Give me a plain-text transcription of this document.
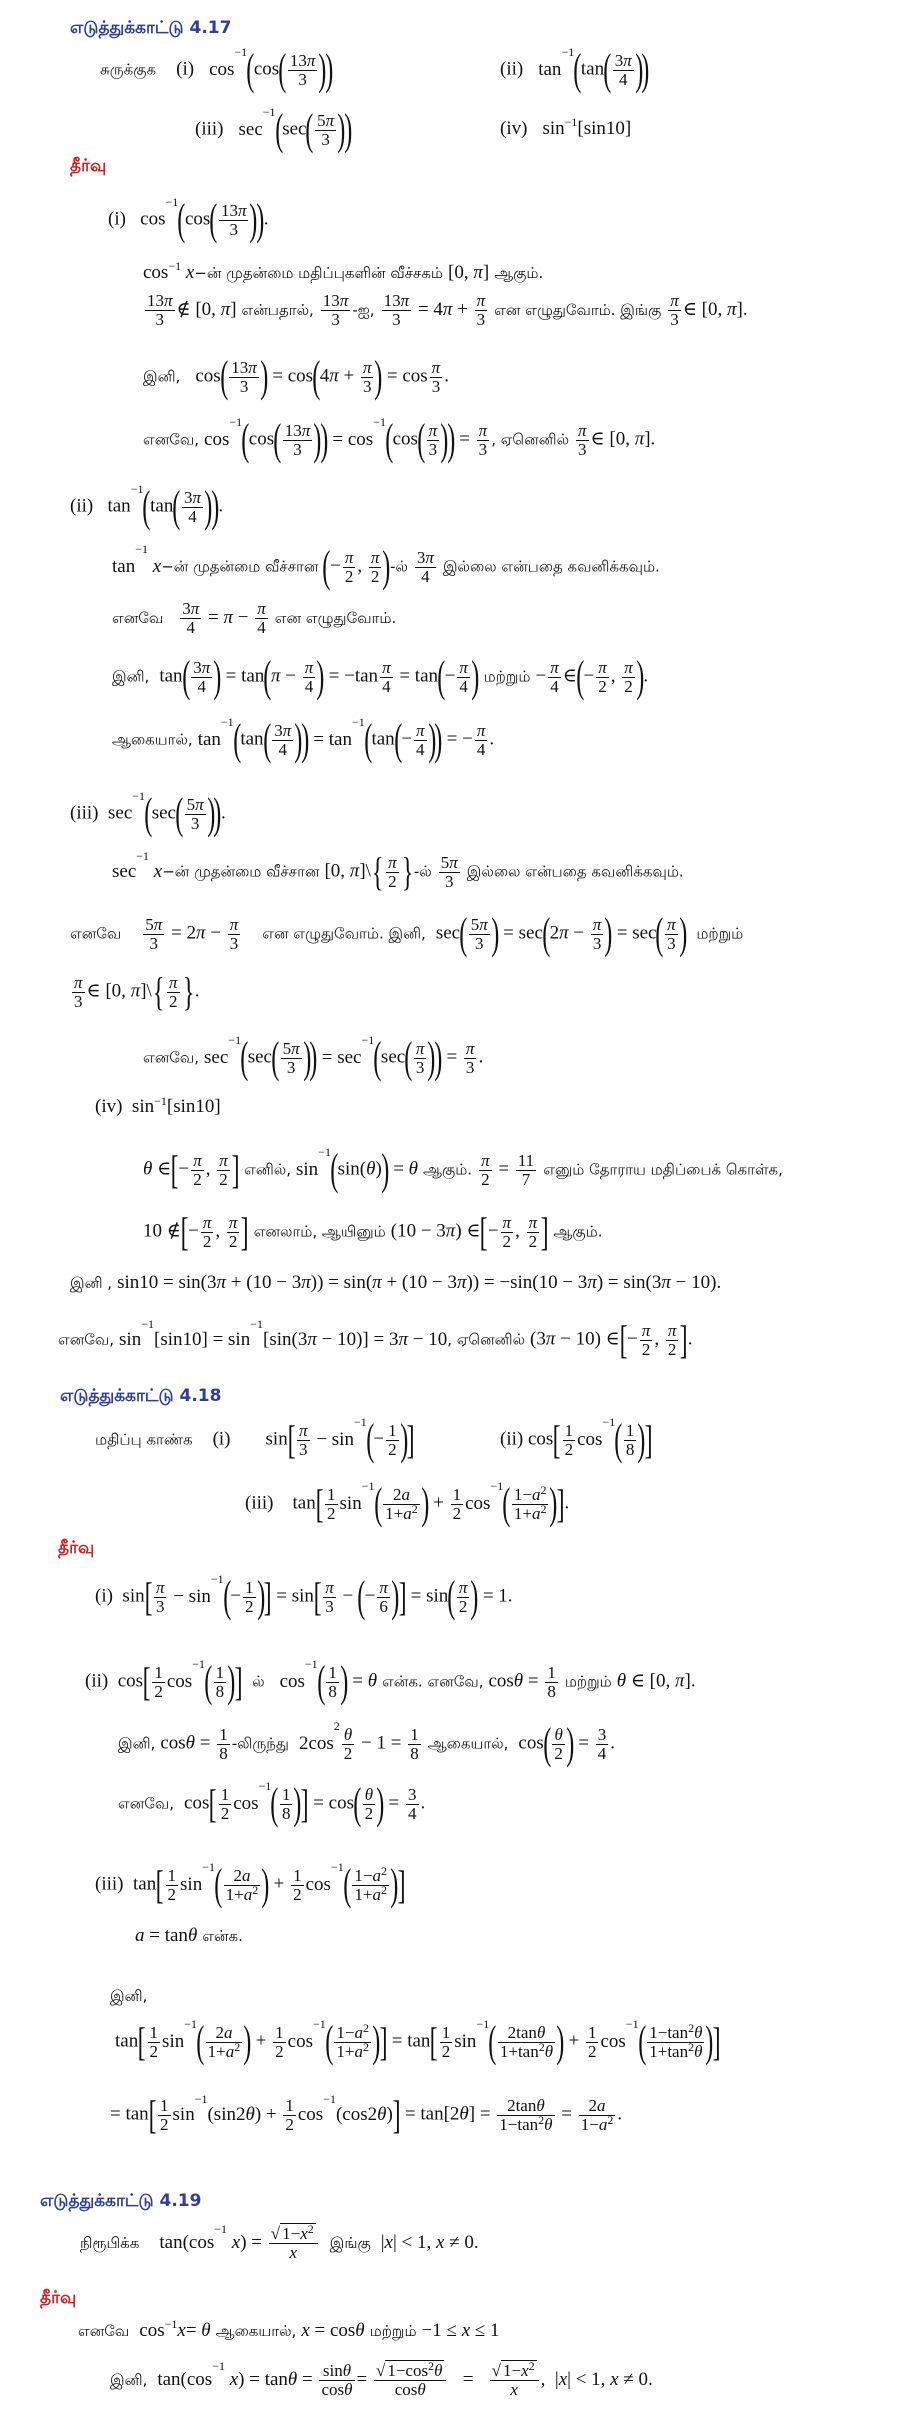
எடுத்துக்காட்டு 4.17
சுருக்குக (i) $\cos^{-1}(\cos( \frac{13\pi}{3}$ ))	(ii) $\tan^{-1}(\tan( \frac{3\pi}{4}$ ))
(iii) $\sec^{-1}(\sec( \frac{5\pi}{3}$ ))	(iv) $\sin^{-1}[\sin 10]$
தீர்வு
(i)   $\cos^{-1}(\cos( \frac{13\pi}{3}$ )).
$\cos^{-1}$ x−ன் முதன்மை மதிப்புகளின் வீச்சகம் [0, π] ஆகும்.
$\frac{13\pi}{3}$ ∉ [0, π] என்பதால், $\frac{13\pi}{3}$ -ஐ, $\frac{13\pi}{3} = 4\pi + \frac{\pi}{3}$ என எழுதுவோம். இங்கு $\frac{\pi}{3}$ ∈ [0, π].
இனி, $\cos( \frac{13\pi}{3}$ ) = $\cos(4\pi + \frac{\pi}{3}$ ) = $\cos \frac{\pi}{3}$ .
எனவே, $\cos^{-1}(\cos( \frac{13\pi}{3}$ )) = $\cos^{-1}(\cos( \frac{\pi}{3}$ )) = $\frac{\pi}{3}$ , ஏனெனில் $\frac{\pi}{3}$ ∈ [0, π].
(ii)   $\tan^{-1}(\tan( \frac{3\pi}{4}$ )).
$\tan^{-1}$ x−ன் முதன்மை வீச்சான (− $\frac{\pi}{2}$ , $\frac{\pi}{2}$ )-ல் $\frac{3\pi}{4}$ இல்லை என்பதை கவனிக்கவும்.
எனவே $\frac{3\pi}{4} = \pi - \frac{\pi}{4}$ என எழுதுவோம்.
இனி, $\tan( \frac{3\pi}{4}$ ) = $\tan(\pi - \frac{\pi}{4}$ ) = $-\tan \frac{\pi}{4} = \tan(- \frac{\pi}{4}$ ) மற்றும் − $\frac{\pi}{4}$ ∈(− $\frac{\pi}{2}$ , $\frac{\pi}{2}$ ).
ஆகையால், $\tan^{-1}(\tan( \frac{3\pi}{4}$ )) = $\tan^{-1}(\tan(- \frac{\pi}{4}$ )) = − $\frac{\pi}{4}$ .
(iii)  $\sec^{-1}(\sec( \frac{5\pi}{3}$ )).
$\sec^{-1}$ x−ன் முதன்மை வீச்சான [0, π]\{ $\frac{\pi}{2}$ }-ல் $\frac{5\pi}{3}$ இல்லை என்பதை கவனிக்கவும்.
எனவே $\frac{5\pi}{3} = 2\pi - \frac{\pi}{3}$ என எழுதுவோம். இனி, $\sec( \frac{5\pi}{3}$ ) = $\sec(2\pi - \frac{\pi}{3}$ ) = $\sec( \frac{\pi}{3}$ ) மற்றும்
$\frac{\pi}{3}$ ∈ [0, π]\{ $\frac{\pi}{2}$ }.
எனவே, $\sec^{-1}(\sec( \frac{5\pi}{3}$ )) = $\sec^{-1}(\sec( \frac{\pi}{3}$ )) = $\frac{\pi}{3}$ .
(iv)  $\sin^{-1}[\sin 10]$
θ ∈[− $\frac{\pi}{2}$ , $\frac{\pi}{2}$ ] எனில், $\sin^{-1}(\sin(\theta)) = \theta$ ஆகும். $\frac{\pi}{2} = \frac{11}{7}$ எனும் தோராய மதிப்பைக் கொள்க,
10 ∉[− $\frac{\pi}{2}$ , $\frac{\pi}{2}$ ] எனலாம், ஆயினும் (10 − 3π) ∈[− $\frac{\pi}{2}$ , $\frac{\pi}{2}$ ] ஆகும்.
இனி , sin10 = sin(3π + (10 − 3π)) = sin(π + (10 − 3π)) = −sin(10 − 3π) = sin(3π − 10).
எனவே, $\sin^{-1}[\sin 10] = \sin^{-1}[\sin(3\pi - 10)] = 3\pi - 10$, ஏனெனில் (3π − 10) ∈[− $\frac{\pi}{2}$ , $\frac{\pi}{2}$ ].
எடுத்துக்காட்டு 4.18
மதிப்பு காண்க (i) $\sin[ \frac{\pi}{3} - \sin^{-1}(- \frac{1}{2}$ )]	(ii) $\cos[ \frac{1}{2} \cos^{-1}( \frac{1}{8}$ )]
(iii)    $\tan[ \frac{1}{2} \sin^{-1}( \frac{2a}{1+a^2}$ ) + $\frac{1}{2} \cos^{-1}( \frac{1-a^2}{1+a^2}$ )].
தீர்வு
(i)  $\sin[ \frac{\pi}{3} - \sin^{-1}(- \frac{1}{2}$ )] = $\sin[ \frac{\pi}{3}$ − (− $\frac{\pi}{6}$ )] = $\sin( \frac{\pi}{2}$ ) = 1.
(ii)  $\cos[ \frac{1}{2} \cos^{-1}( \frac{1}{8}$ )] ல் $\cos^{-1}( \frac{1}{8}$ ) = θ என்க. எனவே, $\cos\theta = \frac{1}{8}$ மற்றும் θ ∈ [0, π].
இனி, $\cos\theta = \frac{1}{8}$ -லிருந்து $2\cos^2 \frac{\theta}{2} - 1 = \frac{1}{8}$ ஆகையால், $\cos( \frac{\theta}{2}$ ) = $\frac{3}{4}$ .
எனவே, $\cos[ \frac{1}{2} \cos^{-1}( \frac{1}{8}$ )] = $\cos( \frac{\theta}{2}$ ) = $\frac{3}{4}$ .
(iii)  $\tan[ \frac{1}{2} \sin^{-1}( \frac{2a}{1+a^2}$ ) + $\frac{1}{2} \cos^{-1}( \frac{1-a^2}{1+a^2}$ )]
a = tanθ என்க.
இனி,
$\tan[ \frac{1}{2} \sin^{-1}( \frac{2a}{1+a^2}$ ) + $\frac{1}{2} \cos^{-1}( \frac{1-a^2}{1+a^2}$ )] = $\tan[ \frac{1}{2} \sin^{-1}( \frac{2\tan\theta}{1+\tan^2\theta}$ ) + $\frac{1}{2} \cos^{-1}( \frac{1-\tan^2\theta}{1+\tan^2\theta}$ )]
= $\tan[ \frac{1}{2} \sin^{-1}(\sin 2\theta) + \frac{1}{2} \cos^{-1}(\cos 2\theta)] = \tan[2\theta] = \frac{2\tan\theta}{1-\tan^2\theta} = \frac{2a}{1-a^2}$ .
எடுத்துக்காட்டு 4.19
நிரூபிக்க $\tan(\cos^{-1}$ $x) = \frac{√ 1-x^2}{x}$ இங்கு |x| < 1, x ≠ 0.
தீர்வு
எனவே $\cos^{-1}x= \theta$ ஆகையால், x = cosθ மற்றும் −1 ≤ x ≤ 1
இனி, $\tan(\cos^{-1}$ $x) = \tan\theta = \frac{\sin\theta}{\cos\theta} = \frac{√ 1-\cos^2\theta}{\cos\theta} = \frac{√ 1-x^2}{x}$ ,  |x| < 1, x ≠ 0.
